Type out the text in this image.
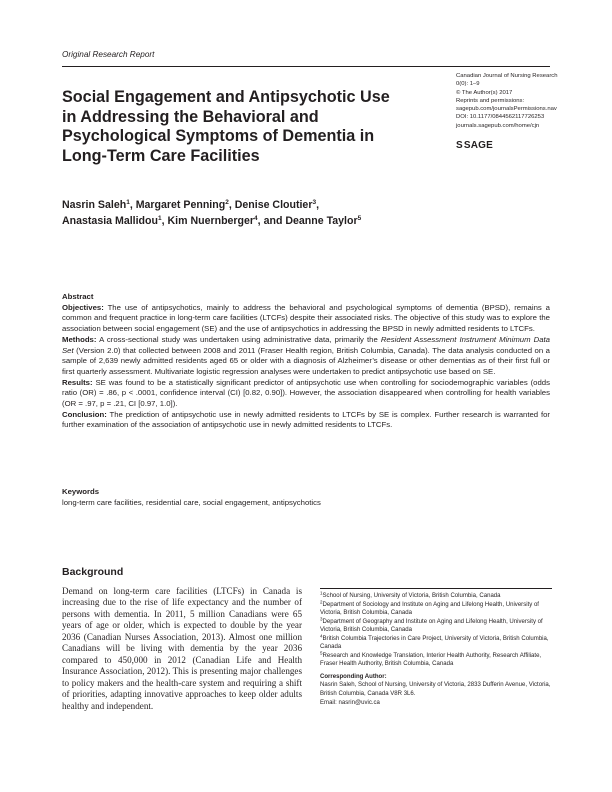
Original Research Report
Social Engagement and Antipsychotic Use in Addressing the Behavioral and Psychological Symptoms of Dementia in Long-Term Care Facilities
Canadian Journal of Nursing Research
0(0): 1–9
© The Author(s) 2017
Reprints and permissions:
sagepub.com/journalsPermissions.nav
DOI: 10.1177/0844562117726253
journals.sagepub.com/home/cjn
S SAGE
Nasrin Saleh$^1$, Margaret Penning$^2$, Denise Cloutier$^3$,
Anastasia Mallidou$^1$, Kim Nuernberger$^4$, and Deanne Taylor$^5$

Abstract

Objectives: The use of antipsychotics, mainly to address the behavioral and psychological symptoms of dementia (BPSD), remains a common and frequent practice in long-term care facilities (LTCFs) despite their associated risks. The objective of this study was to explore the association between social engagement (SE) and the use of antipsychotics in addressing the BPSD in newly admitted residents to LTCFs.

Methods: A cross-sectional study was undertaken using administrative data, primarily the Resident Assessment Instrument Minimum Data Set (Version 2.0) that collected between 2008 and 2011 (Fraser Health region, British Columbia, Canada). The data analysis conducted on a sample of 2,639 newly admitted residents aged 65 or older with a diagnosis of Alzheimer’s disease or other dementias as of their first full or first quarterly assessment. Multivariate logistic regression analyses were undertaken to predict antipsychotic use based on SE.

Results: SE was found to be a statistically significant predictor of antipsychotic use when controlling for sociodemographic variables (odds ratio (OR) = .86, p < .0001, confidence interval (CI) [0.82, 0.90]). However, the association disappeared when controlling for health variables (OR = .97, p = .21, CI [0.97, 1.0]).

Conclusion: The prediction of antipsychotic use in newly admitted residents to LTCFs by SE is complex. Further research is warranted for further examination of the association of antipsychotic use in newly admitted residents to LTCFs.

Keywords
long-term care facilities, residential care, social engagement, antipsychotics
Background
Demand on long-term care facilities (LTCFs) in Canada is increasing due to the rise of life expectancy and the number of persons with dementia. In 2011, 5 million Canadians were 65 years of age or older, which is expected to double by the year 2036 (Canadian Nurses Association, 2013). Almost one million Canadians will be living with dementia by the year 2036 compared to 450,000 in 2012 (Canadian Life and Health Insurance Association, 2012). This is presenting major challenges to policy makers and the health-care system and requiring a shift of priorities, adapting innovative approaches to keep older adults healthy and independent.

$^1$School of Nursing, University of Victoria, British Columbia, Canada

$^2$Department of Sociology and Institute on Aging and Lifelong Health, University of Victoria, British Columbia, Canada

$^3$Department of Geography and Institute on Aging and Lifelong Health, University of Victoria, British Columbia, Canada

$^4$British Columbia Trajectories in Care Project, University of Victoria, British Columbia, Canada

$^5$Research and Knowledge Translation, Interior Health Authority, Research Affiliate, Fraser Health Authority, British Columbia, Canada

Corresponding Author:
Nasrin Saleh, School of Nursing, University of Victoria, 2833 Dufferin Avenue, Victoria, British Columbia, Canada V8R 3L6.
Email: nasrin@uvic.ca
